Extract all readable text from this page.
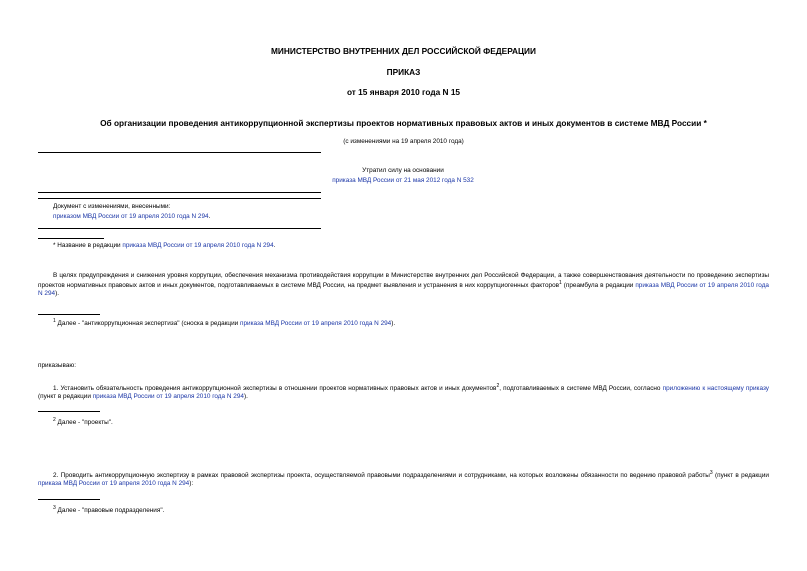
МИНИСТЕРСТВО ВНУТРЕННИХ ДЕЛ РОССИЙСКОЙ ФЕДЕРАЦИИ
ПРИКАЗ
от 15 января 2010 года N 15
Об организации проведения антикоррупционной экспертизы проектов нормативных правовых актов и иных документов в системе МВД России *
(с изменениями на 19 апреля 2010 года)
Утратил силу на основании
приказа МВД России от 21 мая 2012 года N 532
Документ с изменениями, внесенными:
приказом МВД России от 19 апреля 2010 года N 294.
* Название в редакции приказа МВД России от 19 апреля 2010 года N 294.
В целях предупреждения и снижения уровня коррупции, обеспечения механизма противодействия коррупции в Министерстве внутренних дел Российской Федерации, а также совершенствования деятельности по проведению экспертизы проектов нормативных правовых актов и иных документов, подготавливаемых в системе МВД России, на предмет выявления и устранения в них коррупциогенных факторов$^1$ (преамбула в редакции приказа МВД России от 19 апреля 2010 года N 294).
$^1$ Далее - "антикоррупционная экспертиза" (сноска в редакции приказа МВД России от 19 апреля 2010 года N 294).
приказываю:
1. Установить обязательность проведения антикоррупционной экспертизы в отношении проектов нормативных правовых актов и иных документов$^2$, подготавливаемых в системе МВД России, согласно приложению к настоящему приказу (пункт в редакции приказа МВД России от 19 апреля 2010 года N 294).
$^2$ Далее - "проекты".
2. Проводить антикоррупционную экспертизу в рамках правовой экспертизы проекта, осуществляемой правовыми подразделениями и сотрудниками, на которых возложены обязанности по ведению правовой работы$^3$ (пункт в редакции приказа МВД России от 19 апреля 2010 года N 294):
$^3$ Далее - "правовые подразделения".
